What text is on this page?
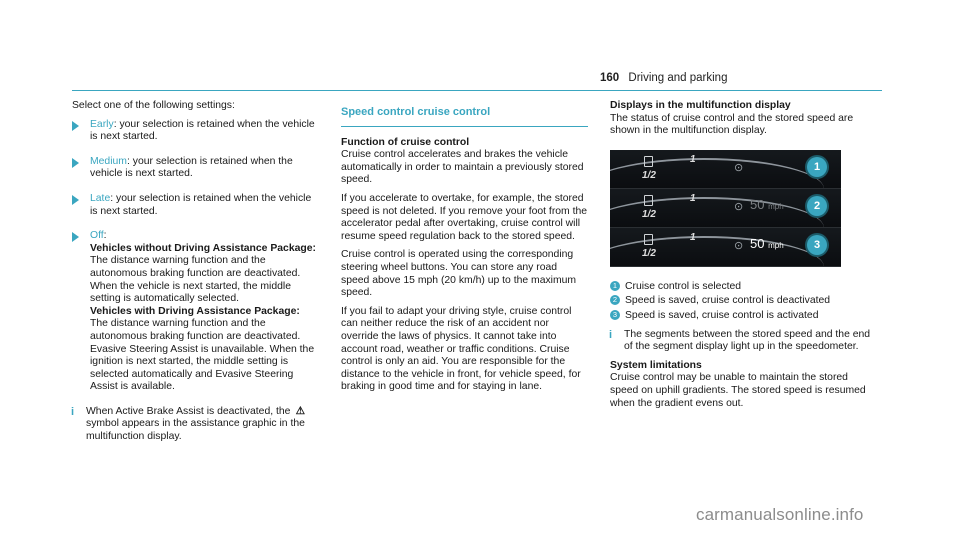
160 Driving and parking

Select one of the following settings:

Early: your selection is retained when the vehicle is next started.
Medium: your selection is retained when the vehicle is next started.
Late: your selection is retained when the vehicle is next started.
Off:
Vehicles without Driving Assistance Package: The distance warning function and the autonomous braking function are deactivated. When the vehicle is next started, the middle setting is automatically selected.
Vehicles with Driving Assistance Package: The distance warning function and the autonomous braking function are deactivated. Evasive Steering Assist is unavailable. When the ignition is next started, the middle setting is selected automatically and Evasive Steering Assist is available.
i When Active Brake Assist is deactivated, the ⚠ symbol appears in the assistance graphic in the multifunction display.
Speed control cruise control
Function of cruise control

Cruise control accelerates and brakes the vehicle automatically in order to maintain a previously stored speed.

If you accelerate to overtake, for example, the stored speed is not deleted. If you remove your foot from the accelerator pedal after overtaking, cruise control will resume speed regulation back to the stored speed.

Cruise control is operated using the corresponding steering wheel buttons. You can store any road speed above 15 mph (20 km/h) up to the maximum speed.

If you fail to adapt your driving style, cruise control can neither reduce the risk of an accident nor override the laws of physics. It cannot take into account road, weather or traffic conditions. Cruise control is only an aid. You are responsible for the distance to the vehicle in front, for vehicle speed, for braking in good time and for staying in lane.

Displays in the multifunction display

The status of cruise control and the stored speed are shown in the multifunction display.

1
1/2
⊙	1
1
1/2
⊙ 50 mph	2
1
1/2
⊙ 50 mph	3
1 Cruise control is selected
2 Speed is saved, cruise control is deactivated
3 Speed is saved, cruise control is activated
i The segments between the stored speed and the end of the segment display light up in the speedometer.
System limitations

Cruise control may be unable to maintain the stored speed on uphill gradients. The stored speed is resumed when the gradient evens out.

carmanualsonline.info
